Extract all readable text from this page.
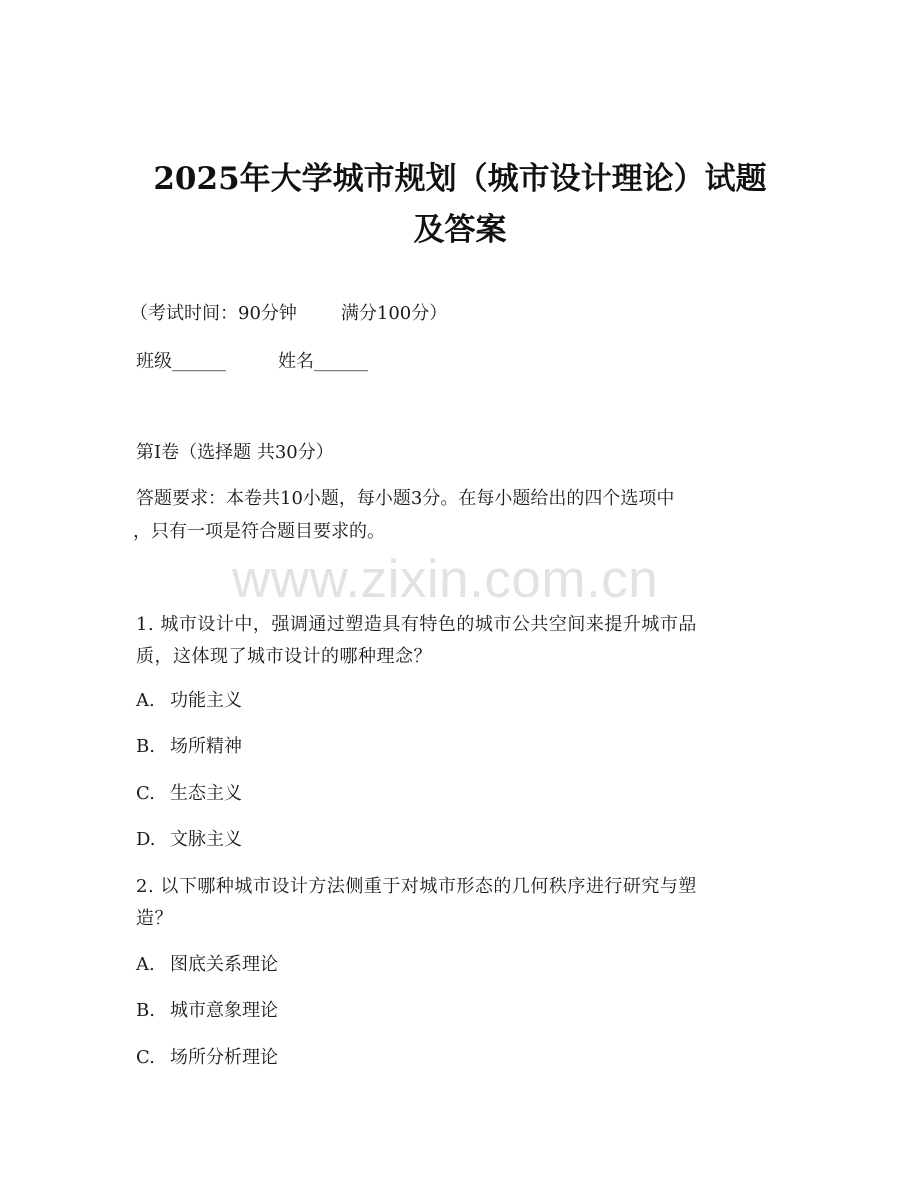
2025年大学城市规划（城市设计理论）试题
及答案
（考试时间：90分钟 满分100分）
班级______	姓名______
第I卷（选择题 共30分）
答题要求：本卷共10小题，每小题3分。在每小题给出的四个选项中
，只有一项是符合题目要求的。
www.zixin.com.cn
1. 城市设计中，强调通过塑造具有特色的城市公共空间来提升城市品
质，这体现了城市设计的哪种理念？
A. 功能主义
B. 场所精神
C. 生态主义
D. 文脉主义
2. 以下哪种城市设计方法侧重于对城市形态的几何秩序进行研究与塑
造？
A. 图底关系理论
B. 城市意象理论
C. 场所分析理论
